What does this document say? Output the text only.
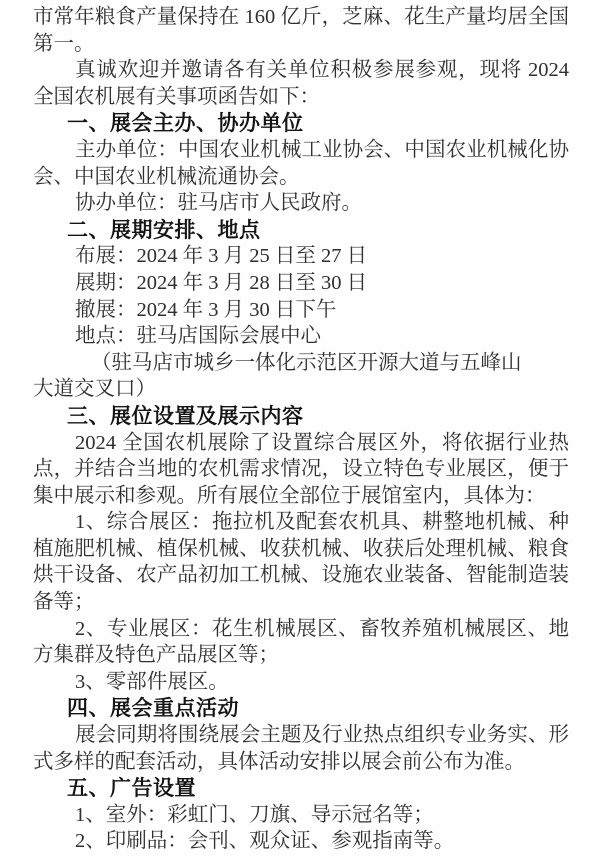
市常年粮食产量保持在 160 亿斤，芝麻、花生产量均居全国
第一。
真诚欢迎并邀请各有关单位积极参展参观，现将 2024
全国农机展有关事项函告如下：
一、展会主办、协办单位
主办单位：中国农业机械工业协会、中国农业机械化协
会、中国农业机械流通协会。
协办单位：驻马店市人民政府。
二、展期安排、地点
布展：2024 年 3 月 25 日至 27 日
展期：2024 年 3 月 28 日至 30 日
撤展：2024 年 3 月 30 日下午
地点：驻马店国际会展中心
（驻马店市城乡一体化示范区开源大道与五峰山
大道交叉口）
三、展位设置及展示内容
2024 全国农机展除了设置综合展区外，将依据行业热
点，并结合当地的农机需求情况，设立特色专业展区，便于
集中展示和参观。所有展位全部位于展馆室内，具体为：
1、综合展区：拖拉机及配套农机具、耕整地机械、种
植施肥机械、植保机械、收获机械、收获后处理机械、粮食
烘干设备、农产品初加工机械、设施农业装备、智能制造装
备等；
2、专业展区：花生机械展区、畜牧养殖机械展区、地
方集群及特色产品展区等；
3、零部件展区。
四、展会重点活动
展会同期将围绕展会主题及行业热点组织专业务实、形
式多样的配套活动，具体活动安排以展会前公布为准。
五、广告设置
1、室外：彩虹门、刀旗、导示冠名等；
2、印刷品：会刊、观众证、参观指南等。
